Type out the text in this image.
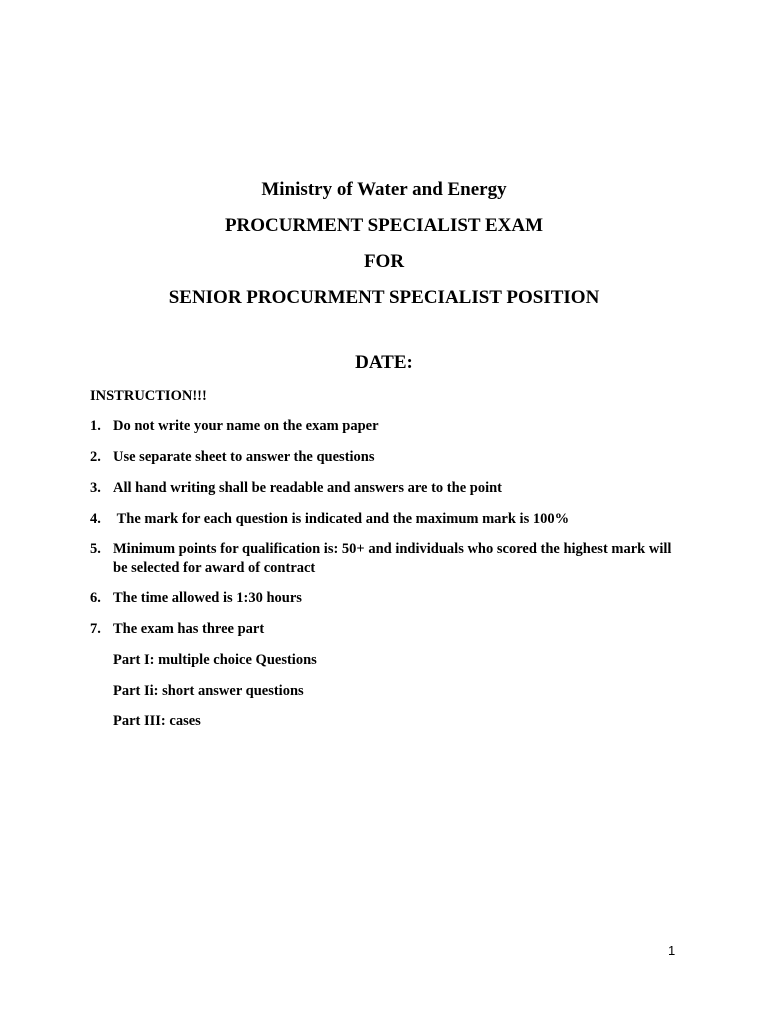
Ministry of Water and Energy
PROCURMENT SPECIALIST EXAM
FOR
SENIOR PROCURMENT SPECIALIST POSITION
DATE:

INSTRUCTION!!!

1. Do not write your name on the exam paper
2. Use separate sheet to answer the questions
3. All hand writing shall be readable and answers are to the point
4. The mark for each question is indicated and the maximum mark is 100%
5. Minimum points for qualification is: 50+ and individuals who scored the highest mark will be selected for award of contract
6. The time allowed is 1:30 hours
7. The exam has three part

Part I: multiple choice Questions

Part Ii: short answer questions

Part III: cases

1
